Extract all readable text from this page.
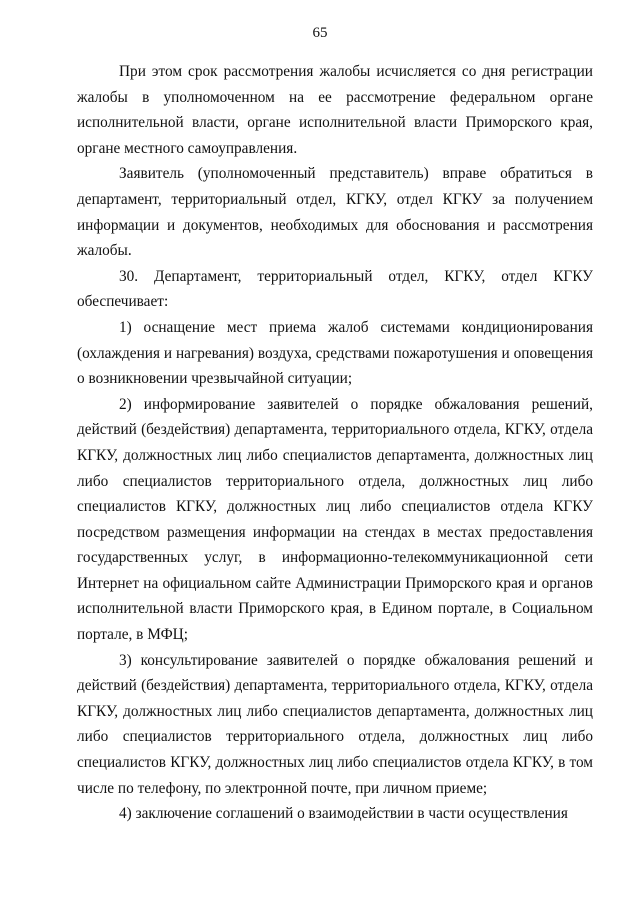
65

При этом срок рассмотрения жалобы исчисляется со дня регистрации жалобы в уполномоченном на ее рассмотрение федеральном органе исполнительной власти, органе исполнительной власти Приморского края, органе местного самоуправления.

Заявитель (уполномоченный представитель) вправе обратиться в департамент, территориальный отдел, КГКУ, отдел КГКУ за получением информации и документов, необходимых для обоснования и рассмотрения жалобы.

30. Департамент, территориальный отдел, КГКУ, отдел КГКУ обеспечивает:

1) оснащение мест приема жалоб системами кондиционирования (охлаждения и нагревания) воздуха, средствами пожаротушения и оповещения о возникновении чрезвычайной ситуации;

2) информирование заявителей о порядке обжалования решений, действий (бездействия) департамента, территориального отдела, КГКУ, отдела КГКУ, должностных лиц либо специалистов департамента, должностных лиц либо специалистов территориального отдела, должностных лиц либо специалистов КГКУ, должностных лиц либо специалистов отдела КГКУ посредством размещения информации на стендах в местах предоставления государственных услуг, в информационно-телекоммуникационной сети Интернет на официальном сайте Администрации Приморского края и органов исполнительной власти Приморского края, в Едином портале, в Социальном портале, в МФЦ;

3) консультирование заявителей о порядке обжалования решений и действий (бездействия) департамента, территориального отдела, КГКУ, отдела КГКУ, должностных лиц либо специалистов департамента, должностных лиц либо специалистов территориального отдела, должностных лиц либо специалистов КГКУ, должностных лиц либо специалистов отдела КГКУ, в том числе по телефону, по электронной почте, при личном приеме;

4) заключение соглашений о взаимодействии в части осуществления
